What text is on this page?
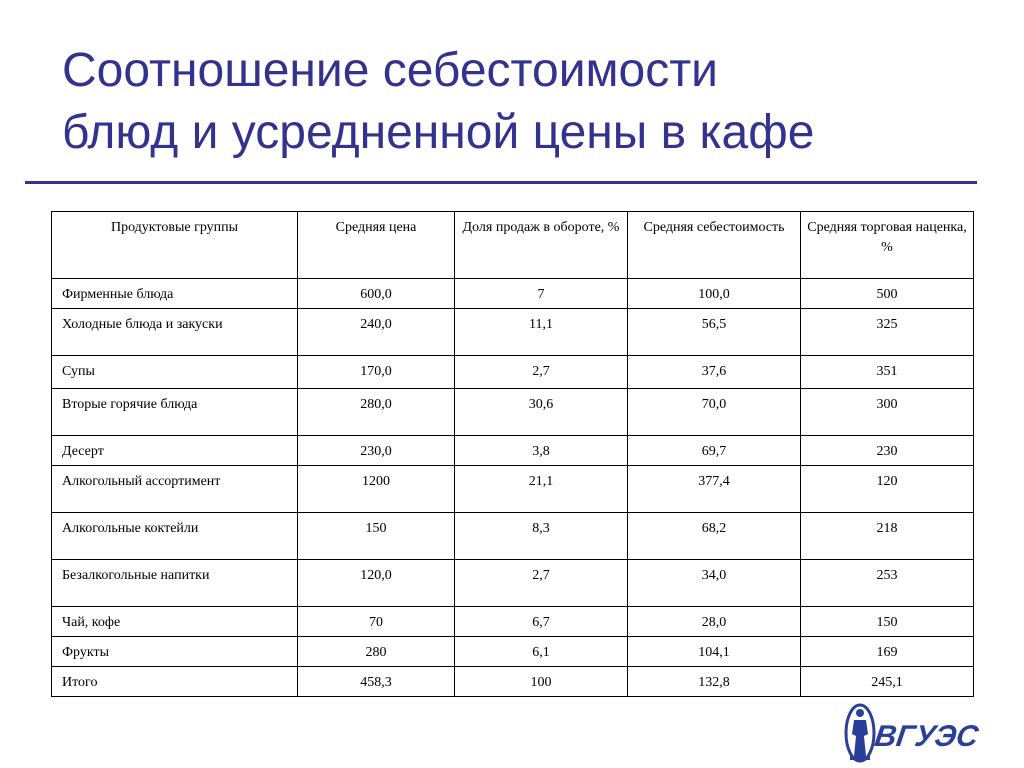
Соотношение себестоимости
блюд и усредненной цены в кафе
Продуктовые группы	Средняя цена	Доля продаж в обороте, %	Средняя себестоимость	Средняя торговая наценка, %
Фирменные блюда	600,0	7	100,0	500
Холодные блюда и закуски	240,0	11,1	56,5	325
Супы	170,0	2,7	37,6	351
Вторые горячие блюда	280,0	30,6	70,0	300
Десерт	230,0	3,8	69,7	230
Алкогольный ассортимент	1200	21,1	377,4	120
Алкогольные коктейли	150	8,3	68,2	218
Безалкогольные напитки	120,0	2,7	34,0	253
Чай, кофе	70	6,7	28,0	150
Фрукты	280	6,1	104,1	169
Итого	458,3	100	132,8	245,1
ВГУЭС
